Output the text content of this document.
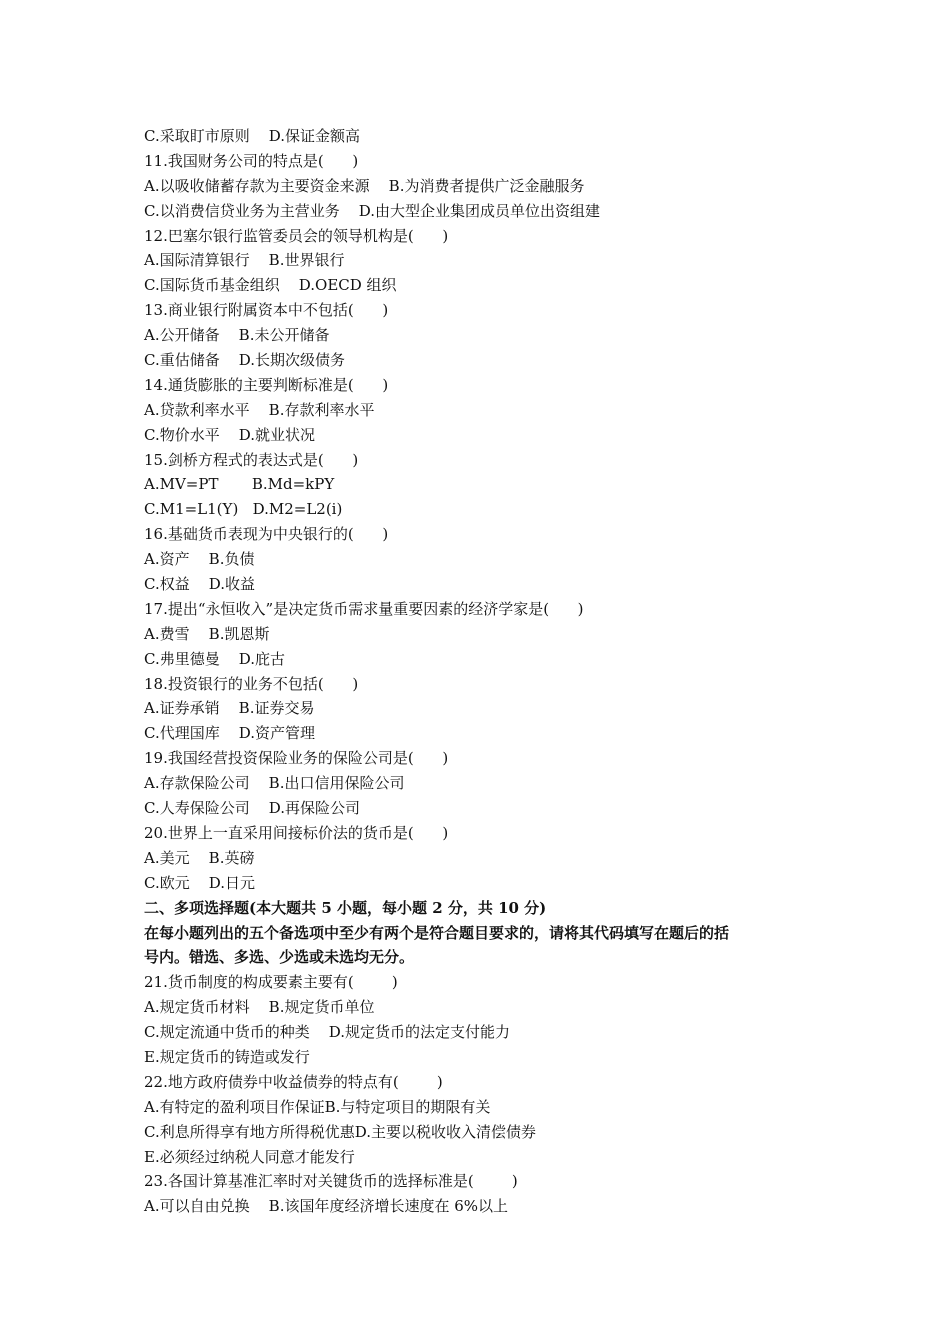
C.采取盯市原则    D.保证金额高
11.我国财务公司的特点是(      )
A.以吸收储蓄存款为主要资金来源    B.为消费者提供广泛金融服务
C.以消费信贷业务为主营业务    D.由大型企业集团成员单位出资组建
12.巴塞尔银行监管委员会的领导机构是(      )
A.国际清算银行    B.世界银行
C.国际货币基金组织    D.OECD 组织
13.商业银行附属资本中不包括(      )
A.公开储备    B.未公开储备
C.重估储备    D.长期次级债务
14.通货膨胀的主要判断标准是(      )
A.贷款利率水平    B.存款利率水平
C.物价水平    D.就业状况
15.剑桥方程式的表达式是(      )
A.MV=PT       B.Md=kPY
C.M1=L1(Y)   D.M2=L2(i)
16.基础货币表现为中央银行的(      )
A.资产    B.负债
C.权益    D.收益
17.提出“永恒收入”是决定货币需求量重要因素的经济学家是(      )
A.费雪    B.凯恩斯
C.弗里德曼    D.庇古
18.投资银行的业务不包括(      )
A.证券承销    B.证券交易
C.代理国库    D.资产管理
19.我国经营投资保险业务的保险公司是(      )
A.存款保险公司    B.出口信用保险公司
C.人寿保险公司    D.再保险公司
20.世界上一直采用间接标价法的货币是(      )
A.美元    B.英磅
C.欧元    D.日元
二、多项选择题(本大题共 5 小题，每小题 2 分，共 10 分)
在每小题列出的五个备选项中至少有两个是符合题目要求的，请将其代码填写在题后的括
号内。错选、多选、少选或未选均无分。
21.货币制度的构成要素主要有(        )
A.规定货币材料    B.规定货币单位
C.规定流通中货币的种类    D.规定货币的法定支付能力
E.规定货币的铸造或发行
22.地方政府债券中收益债券的特点有(        )
A.有特定的盈利项目作保证B.与特定项目的期限有关
C.利息所得享有地方所得税优惠D.主要以税收收入清偿债券
E.必须经过纳税人同意才能发行
23.各国计算基准汇率时对关键货币的选择标准是(        )
A.可以自由兑换    B.该国年度经济增长速度在 6%以上
